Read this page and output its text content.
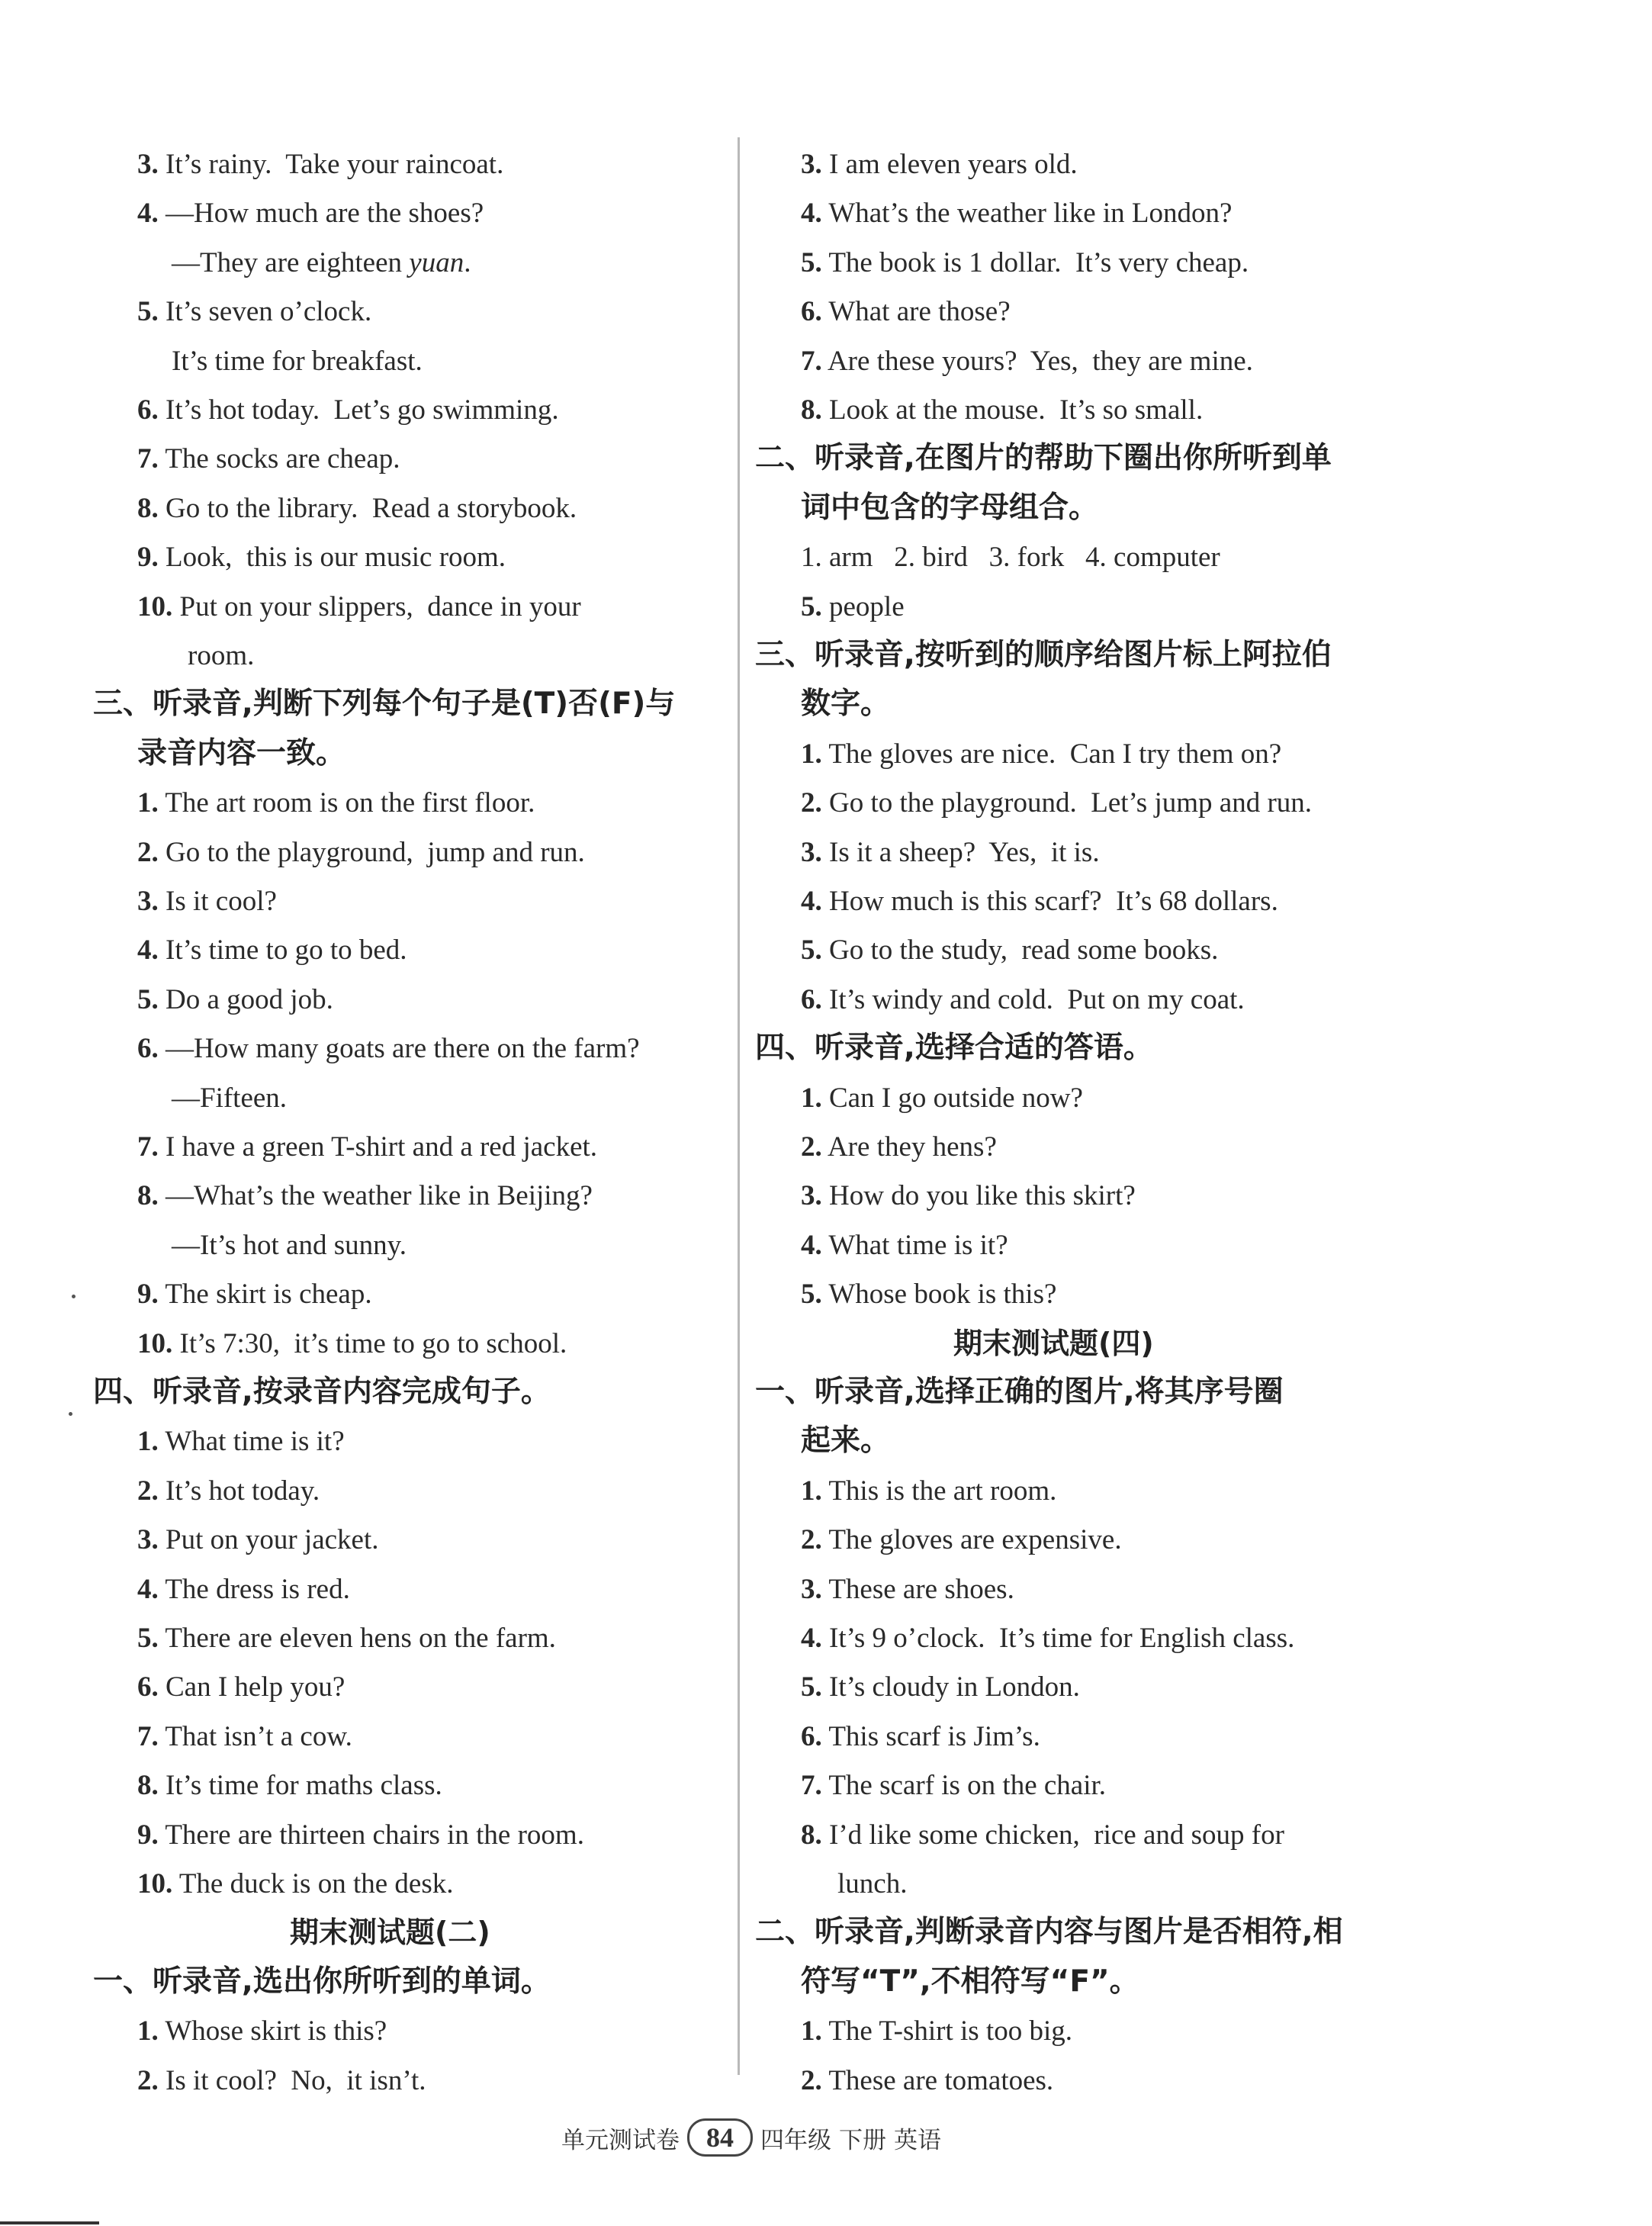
3. It’s rainy.  Take your raincoat.
4. —How much are the shoes?
—They are eighteen yuan.
5. It’s seven o’clock.
It’s time for breakfast.
6. It’s hot today.  Let’s go swimming.
7. The socks are cheap.
8. Go to the library.  Read a storybook.
9. Look,  this is our music room.
10. Put on your slippers,  dance in your
room.
三、听录音,判断下列每个句子是(T)否(F)与
录音内容一致。
1. The art room is on the first floor.
2. Go to the playground,  jump and run.
3. Is it cool?
4. It’s time to go to bed.
5. Do a good job.
6. —How many goats are there on the farm?
—Fifteen.
7. I have a green T-shirt and a red jacket.
8. —What’s the weather like in Beijing?
—It’s hot and sunny.
9. The skirt is cheap.
10. It’s 7:30,  it’s time to go to school.
四、听录音,按录音内容完成句子。
1. What time is it?
2. It’s hot today.
3. Put on your jacket.
4. The dress is red.
5. There are eleven hens on the farm.
6. Can I help you?
7. That isn’t a cow.
8. It’s time for maths class.
9. There are thirteen chairs in the room.
10. The duck is on the desk.
期末测试题(二)
一、听录音,选出你所听到的单词。
1. Whose skirt is this?
2. Is it cool?  No,  it isn’t.
3. I am eleven years old.
4. What’s the weather like in London?
5. The book is 1 dollar.  It’s very cheap.
6. What are those?
7. Are these yours?  Yes,  they are mine.
8. Look at the mouse.  It’s so small.
二、听录音,在图片的帮助下圈出你所听到单
词中包含的字母组合。
1. arm   2. bird   3. fork   4. computer
5. people
三、听录音,按听到的顺序给图片标上阿拉伯
数字。
1. The gloves are nice.  Can I try them on?
2. Go to the playground.  Let’s jump and run.
3. Is it a sheep?  Yes,  it is.
4. How much is this scarf?  It’s 68 dollars.
5. Go to the study,  read some books.
6. It’s windy and cold.  Put on my coat.
四、听录音,选择合适的答语。
1. Can I go outside now?
2. Are they hens?
3. How do you like this skirt?
4. What time is it?
5. Whose book is this?
期末测试题(四)
一、听录音,选择正确的图片,将其序号圈
起来。
1. This is the art room.
2. The gloves are expensive.
3. These are shoes.
4. It’s 9 o’clock.  It’s time for English class.
5. It’s cloudy in London.
6. This scarf is Jim’s.
7. The scarf is on the chair.
8. I’d like some chicken,  rice and soup for
lunch.
二、听录音,判断录音内容与图片是否相符,相
符写“T”,不相符写“F”。
1. The T-shirt is too big.
2. These are tomatoes.
单元测试卷 84	四年级 下册 英语
